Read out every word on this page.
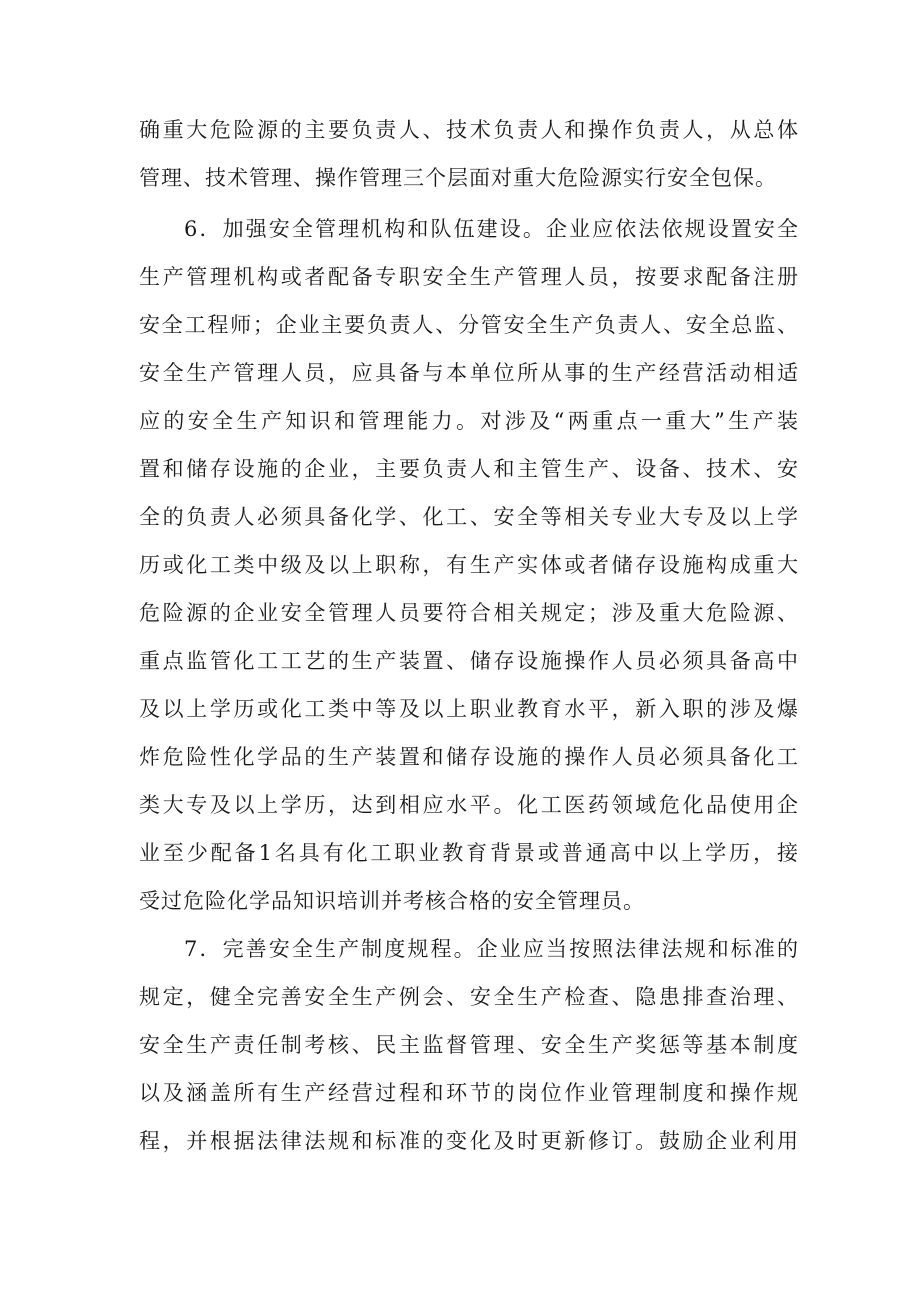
确重大危险源的主要负责人、技术负责人和操作负责人，从总体
管理、技术管理、操作管理三个层面对重大危险源实行安全包保。
6．加强安全管理机构和队伍建设。企业应依法依规设置安全
生产管理机构或者配备专职安全生产管理人员，按要求配备注册
安全工程师；企业主要负责人、分管安全生产负责人、安全总监、
安全生产管理人员，应具备与本单位所从事的生产经营活动相适
应的安全生产知识和管理能力。对涉及“两重点一重大”生产装
置和储存设施的企业，主要负责人和主管生产、设备、技术、安
全的负责人必须具备化学、化工、安全等相关专业大专及以上学
历或化工类中级及以上职称，有生产实体或者储存设施构成重大
危险源的企业安全管理人员要符合相关规定；涉及重大危险源、
重点监管化工工艺的生产装置、储存设施操作人员必须具备高中
及以上学历或化工类中等及以上职业教育水平，新入职的涉及爆
炸危险性化学品的生产装置和储存设施的操作人员必须具备化工
类大专及以上学历，达到相应水平。化工医药领域危化品使用企
业至少配备1名具有化工职业教育背景或普通高中以上学历，接
受过危险化学品知识培训并考核合格的安全管理员。
7．完善安全生产制度规程。企业应当按照法律法规和标准的
规定，健全完善安全生产例会、安全生产检查、隐患排查治理、
安全生产责任制考核、民主监督管理、安全生产奖惩等基本制度
以及涵盖所有生产经营过程和环节的岗位作业管理制度和操作规
程，并根据法律法规和标准的变化及时更新修订。鼓励企业利用
